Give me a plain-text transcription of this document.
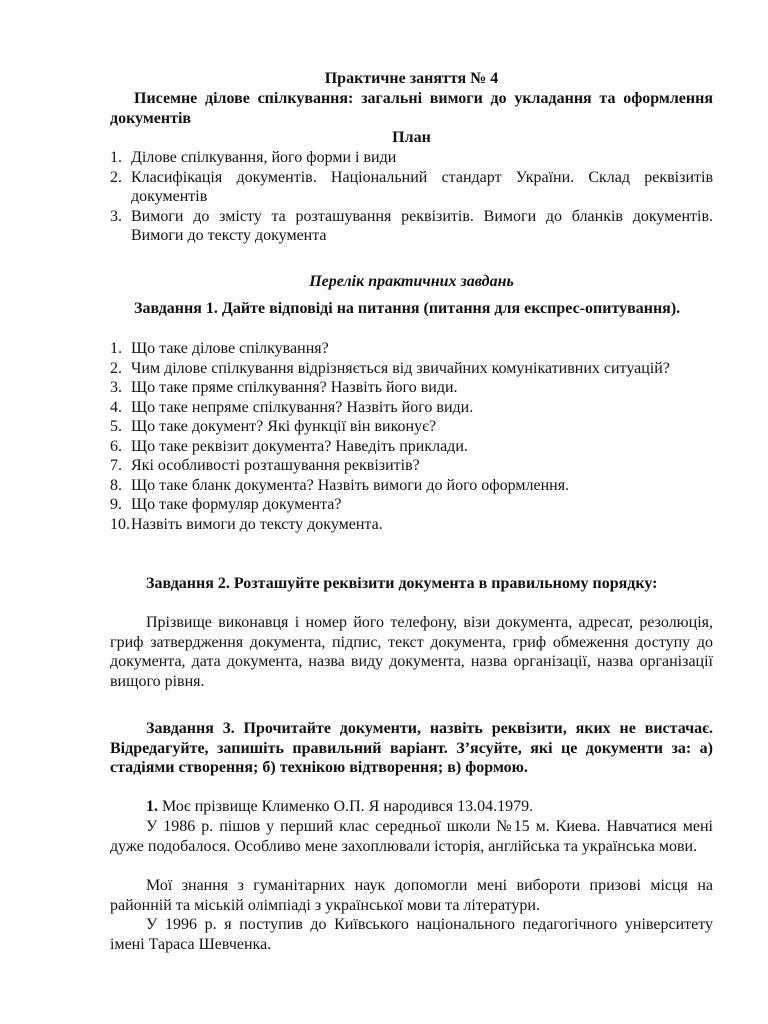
Практичне заняття № 4
Писемне ділове спілкування: загальні вимоги до укладання та оформлення документів
План
1. Ділове спілкування, його форми і види
2. Класифікація документів. Національний стандарт України. Склад реквізитів документів
3. Вимоги до змісту та розташування реквізитів. Вимоги до бланків документів. Вимоги до тексту документа
Перелік практичних завдань
Завдання 1. Дайте відповіді на питання (питання для експрес-опитування).
1. Що таке ділове спілкування?
2. Чим ділове спілкування відрізняється від звичайних комунікативних ситуацій?
3. Що таке пряме спілкування? Назвіть його види.
4. Що таке непряме спілкування? Назвіть його види.
5. Що таке документ? Які функції він виконує?
6. Що таке реквізит документа? Наведіть приклади.
7. Які особливості розташування реквізитів?
8. Що таке бланк документа? Назвіть вимоги до його оформлення.
9. Що таке формуляр документа?
10. Назвіть вимоги до тексту документа.
Завдання 2. Розташуйте реквізити документа в правильному порядку:
Прізвище виконавця і номер його телефону, візи документа, адресат, резолюція, гриф затвердження документа, підпис, текст документа, гриф обмеження доступу до документа, дата документа, назва виду документа, назва організації, назва організації вищого рівня.
Завдання 3. Прочитайте документи, назвіть реквізити, яких не вистачає. Відредагуйте, запишіть правильний варіант. З’ясуйте, які це документи за: а) стадіями створення; б) технікою відтворення; в) формою.
1. Моє прізвище Клименко О.П. Я народився 13.04.1979.
У 1986 р. пішов у перший клас середньої школи №15 м. Киева. Навчатися мені дуже подобалося. Особливо мене захоплювали історія, англійська та українська мови.
Мої знання з гуманітарних наук допомогли мені вибороти призові місця на районній та міській олімпіаді з української мови та літератури.
У 1996 р. я поступив до Київського національного педагогічного університету імені Тараса Шевченка.
